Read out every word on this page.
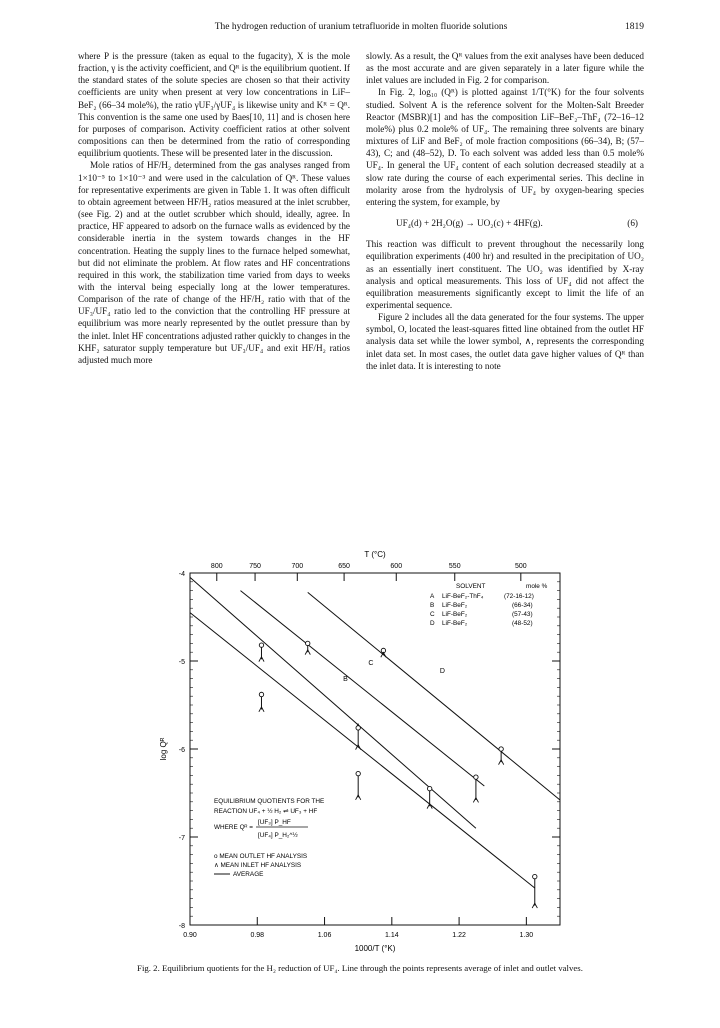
The hydrogen reduction of uranium tetrafluoride in molten fluoride solutions	1819

where P is the pressure (taken as equal to the fugacity), X is the mole fraction, γ is the activity coefficient, and Qᴿ is the equilibrium quotient. If the standard states of the solute species are chosen so that their activity coefficients are unity when present at very low concentrations in LiF–BeF₂ (66–34 mole%), the ratio γUF₃/γUF₄ is likewise unity and Kᴿ = Qᴿ. This convention is the same one used by Baes[10, 11] and is chosen here for purposes of comparison. Activity coefficient ratios at other solvent compositions can then be determined from the ratio of corresponding equilibrium quotients. These will be presented later in the discussion.

Mole ratios of HF/H₂ determined from the gas analyses ranged from 1×10⁻⁵ to 1×10⁻³ and were used in the calculation of Qᴿ. These values for representative experiments are given in Table 1. It was often difficult to obtain agreement between HF/H₂ ratios measured at the inlet scrubber, (see Fig. 2) and at the outlet scrubber which should, ideally, agree. In practice, HF appeared to adsorb on the furnace walls as evidenced by the considerable inertia in the system towards changes in the HF concentration. Heating the supply lines to the furnace helped somewhat, but did not eliminate the problem. At flow rates and HF concentrations required in this work, the stabilization time varied from days to weeks with the interval being especially long at the lower temperatures. Comparison of the rate of change of the HF/H₂ ratio with that of the UF₃/UF₄ ratio led to the conviction that the controlling HF pressure at equilibrium was more nearly represented by the outlet pressure than by the inlet. Inlet HF concentrations adjusted rather quickly to changes in the KHF₂ saturator supply temperature but UF₃/UF₄ and exit HF/H₂ ratios adjusted much more

slowly. As a result, the Qᴿ values from the exit analyses have been deduced as the most accurate and are given separately in a later figure while the inlet values are included in Fig. 2 for comparison.

In Fig. 2, log₁₀ (Qᴿ) is plotted against 1/T(°K) for the four solvents studied. Solvent A is the reference solvent for the Molten-Salt Breeder Reactor (MSBR)[1] and has the composition LiF–BeF₂–ThF₄ (72–16–12 mole%) plus 0.2 mole% of UF₄. The remaining three solvents are binary mixtures of LiF and BeF₂ of mole fraction compositions (66–34), B; (57–43), C; and (48–52), D. To each solvent was added less than 0.5 mole% UF₄. In general the UF₄ content of each solution decreased steadily at a slow rate during the course of each experimental series. This decline in molarity arose from the hydrolysis of UF₄ by oxygen-bearing species entering the system, for example, by

UF₄(d) + 2H₂O(g) → UO₂(c) + 4HF(g).	(6)

This reaction was difficult to prevent throughout the necessarily long equilibration experiments (400 hr) and resulted in the precipitation of UO₂ as an essentially inert constituent. The UO₂ was identified by X-ray analysis and optical measurements. This loss of UF₄ did not affect the equilibration measurements significantly except to limit the life of an experimental sequence.

Figure 2 includes all the data generated for the four systems. The upper symbol, O, located the least-squares fitted line obtained from the outlet HF analysis data set while the lower symbol, ∧, represents the corresponding inlet data set. In most cases, the outlet data gave higher values of Qᴿ than the inlet data. It is interesting to note

T (°C)
800	750	700	650	600	550	500
0.90	0.98	1.06	1.14	1.22	1.30
-4
-5
-6
-7
-8
log Qᴿ
1000/T (°K)
B
C
D
SOLVENT	mole %
A LiF-BeF₂-ThF₄	(72-16-12)
B LiF-BeF₂	(66-34)
C LiF-BeF₂	(57-43)
D LiF-BeF₂	(48-52)
EQUILIBRIUM QUOTIENTS FOR THE
REACTION UF₄ + ½ H₂ ⇌ UF₃ + HF
WHERE Qᴿ =
[UF₃] P_HF
[UF₄] P_H₂^½
o MEAN OUTLET HF ANALYSIS
∧ MEAN INLET HF ANALYSIS
AVERAGE
Fig. 2. Equilibrium quotients for the H₂ reduction of UF₄. Line through the points represents average of inlet and outlet valves.
